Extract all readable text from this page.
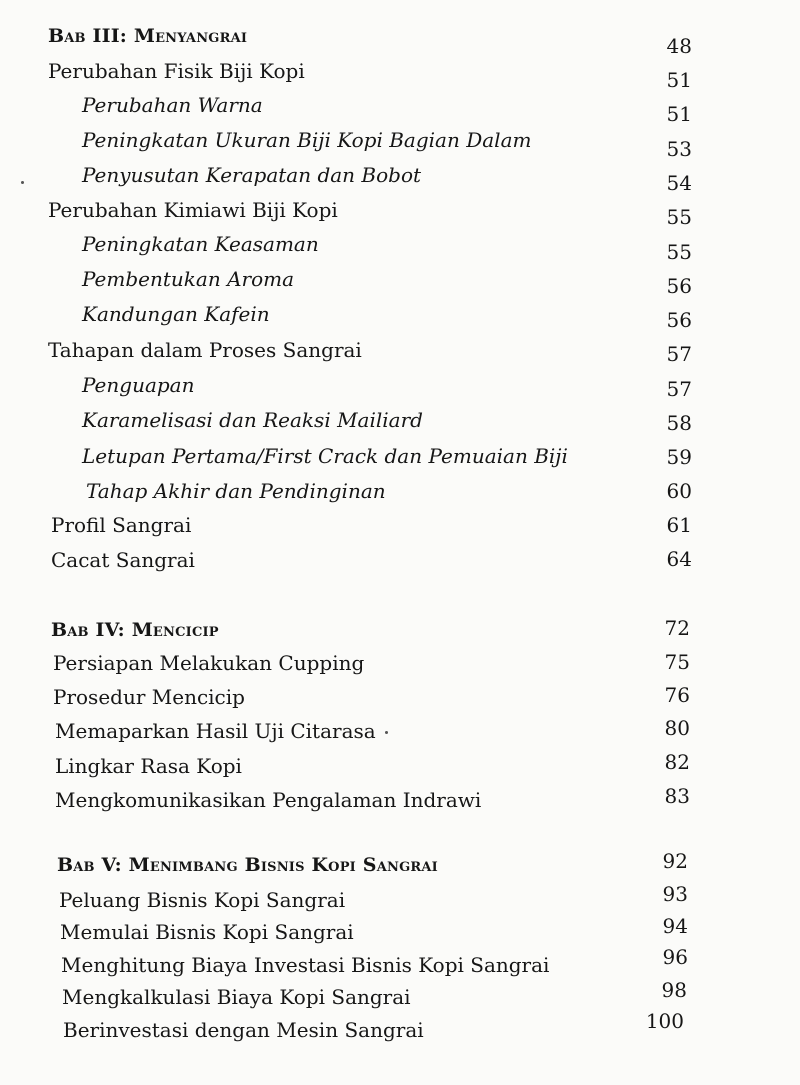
Bab III: Menyangrai	48
Perubahan Fisik Biji Kopi	51
Perubahan Warna	51
Peningkatan Ukuran Biji Kopi Bagian Dalam	53
Penyusutan Kerapatan dan Bobot	54
Perubahan Kimiawi Biji Kopi	55
Peningkatan Keasaman	55
Pembentukan Aroma	56
Kandungan Kafein	56
Tahapan dalam Proses Sangrai	57
Penguapan	57
Karamelisasi dan Reaksi Mailiard	58
Letupan Pertama/First Crack dan Pemuaian Biji	59
Tahap Akhir dan Pendinginan	60
Profil Sangrai	61
Cacat Sangrai	64
Bab IV: Mencicip	72
Persiapan Melakukan Cupping	75
Prosedur Mencicip	76
Memaparkan Hasil Uji Citarasa	80
Lingkar Rasa Kopi	82
Mengkomunikasikan Pengalaman Indrawi	83
Bab V: Menimbang Bisnis Kopi Sangrai	92
Peluang Bisnis Kopi Sangrai	93
Memulai Bisnis Kopi Sangrai	94
Menghitung Biaya Investasi Bisnis Kopi Sangrai	96
Mengkalkulasi Biaya Kopi Sangrai	98
Berinvestasi dengan Mesin Sangrai	100
